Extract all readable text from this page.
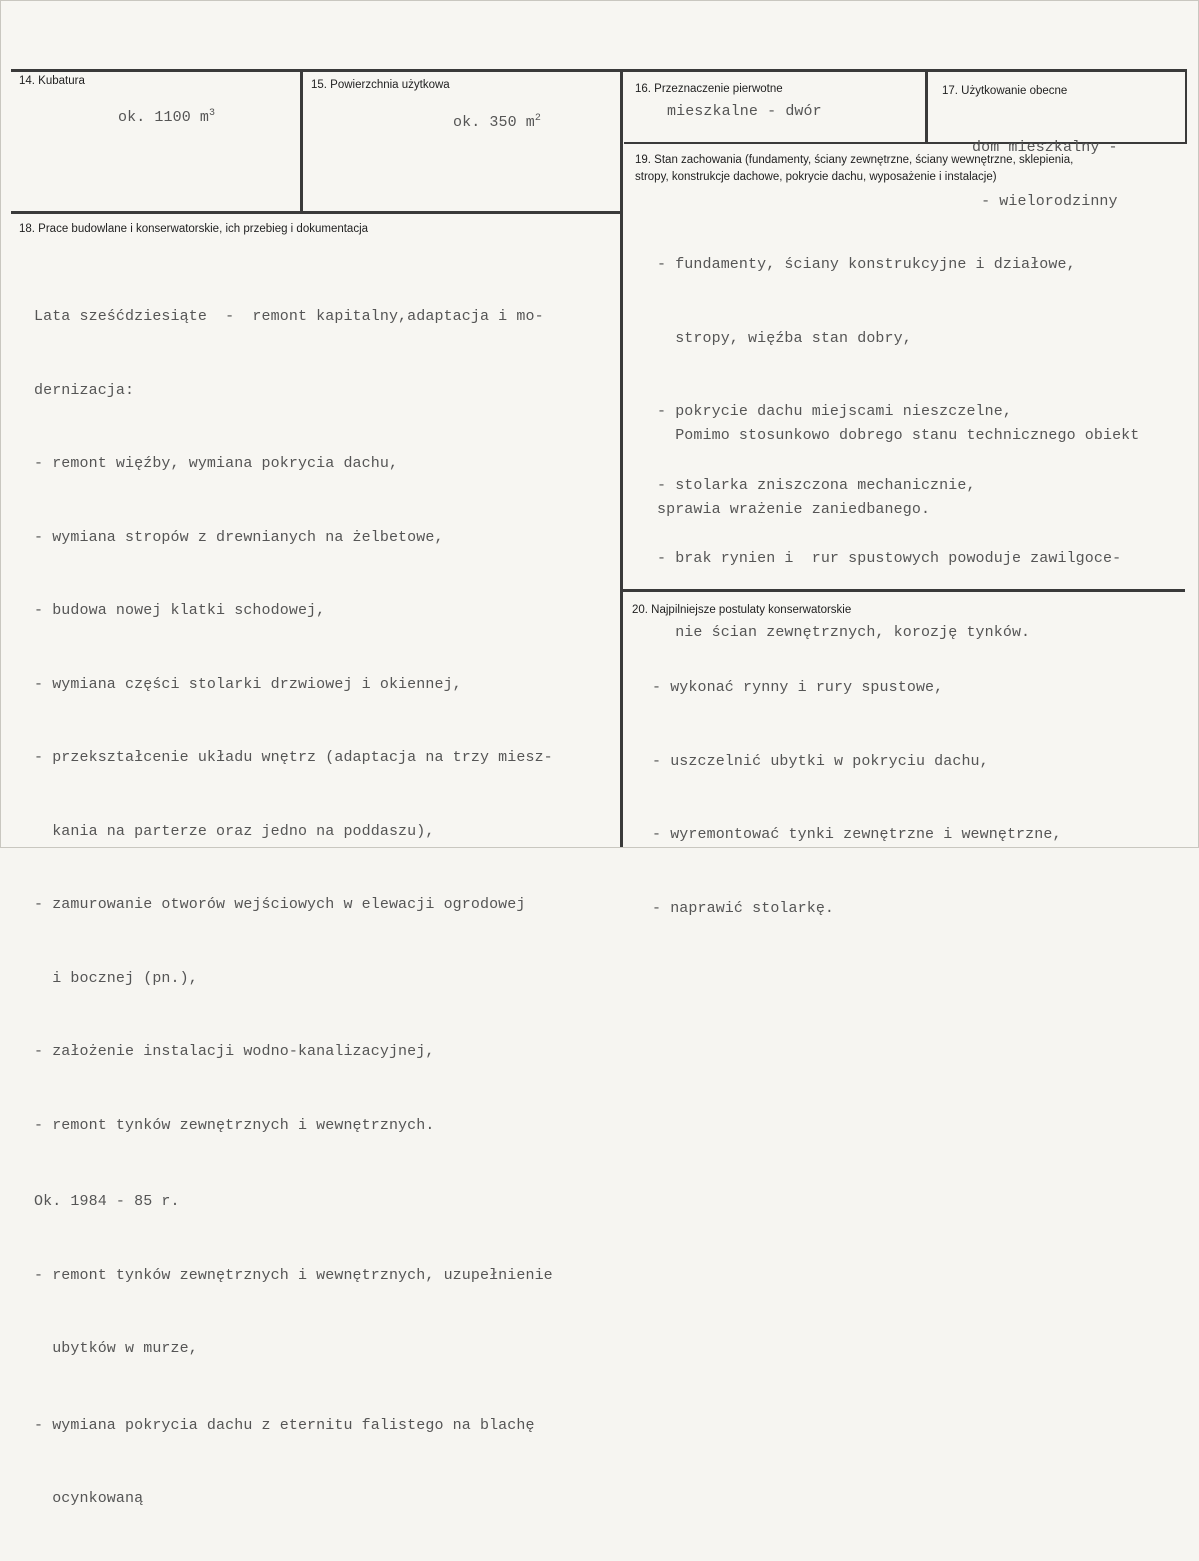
14. Kubatura
ok. 1100 $m^3$
15. Powierzchnia użytkowa
ok. 350 $m^2$
16. Przeznaczenie pierwotne
mieszkalne - dwór
17. Użytkowanie obecne

dom mieszkalny -

- wielorodzinny

19. Stan zachowania (fundamenty, ściany zewnętrzne, ściany wewnętrzne, sklepienia,
stropy, konstrukcje dachowe, pokrycie dachu, wyposażenie i instalacje)

- fundamenty, ściany konstrukcyjne i działowe,

stropy, więźba stan dobry,

- pokrycie dachu miejscami nieszczelne,

- stolarka zniszczona mechanicznie,

- brak rynien i  rur spustowych powoduje zawilgoce-

nie ścian zewnętrznych, korozję tynków.

Pomimo stosunkowo dobrego stanu technicznego obiekt

sprawia wrażenie zaniedbanego.

18. Prace budowlane i konserwatorskie, ich przebieg i dokumentacja

Lata sześćdziesiąte  -  remont kapitalny,adaptacja i mo-

dernizacja:

- remont więźby, wymiana pokrycia dachu,

- wymiana stropów z drewnianych na żelbetowe,

- budowa nowej klatki schodowej,

- wymiana części stolarki drzwiowej i okiennej,

- przekształcenie układu wnętrz (adaptacja na trzy miesz-

kania na parterze oraz jedno na poddaszu),

- zamurowanie otworów wejściowych w elewacji ogrodowej

i bocznej (pn.),

- założenie instalacji wodno-kanalizacyjnej,

- remont tynków zewnętrznych i wewnętrznych.

Ok. 1984 - 85 r.

- remont tynków zewnętrznych i wewnętrznych, uzupełnienie

ubytków w murze,

- wymiana pokrycia dachu z eternitu falistego na blachę

ocynkowaną

20. Najpilniejsze postulaty konserwatorskie

- wykonać rynny i rury spustowe,

- uszczelnić ubytki w pokryciu dachu,

- wyremontować tynki zewnętrzne i wewnętrzne,

- naprawić stolarkę.
